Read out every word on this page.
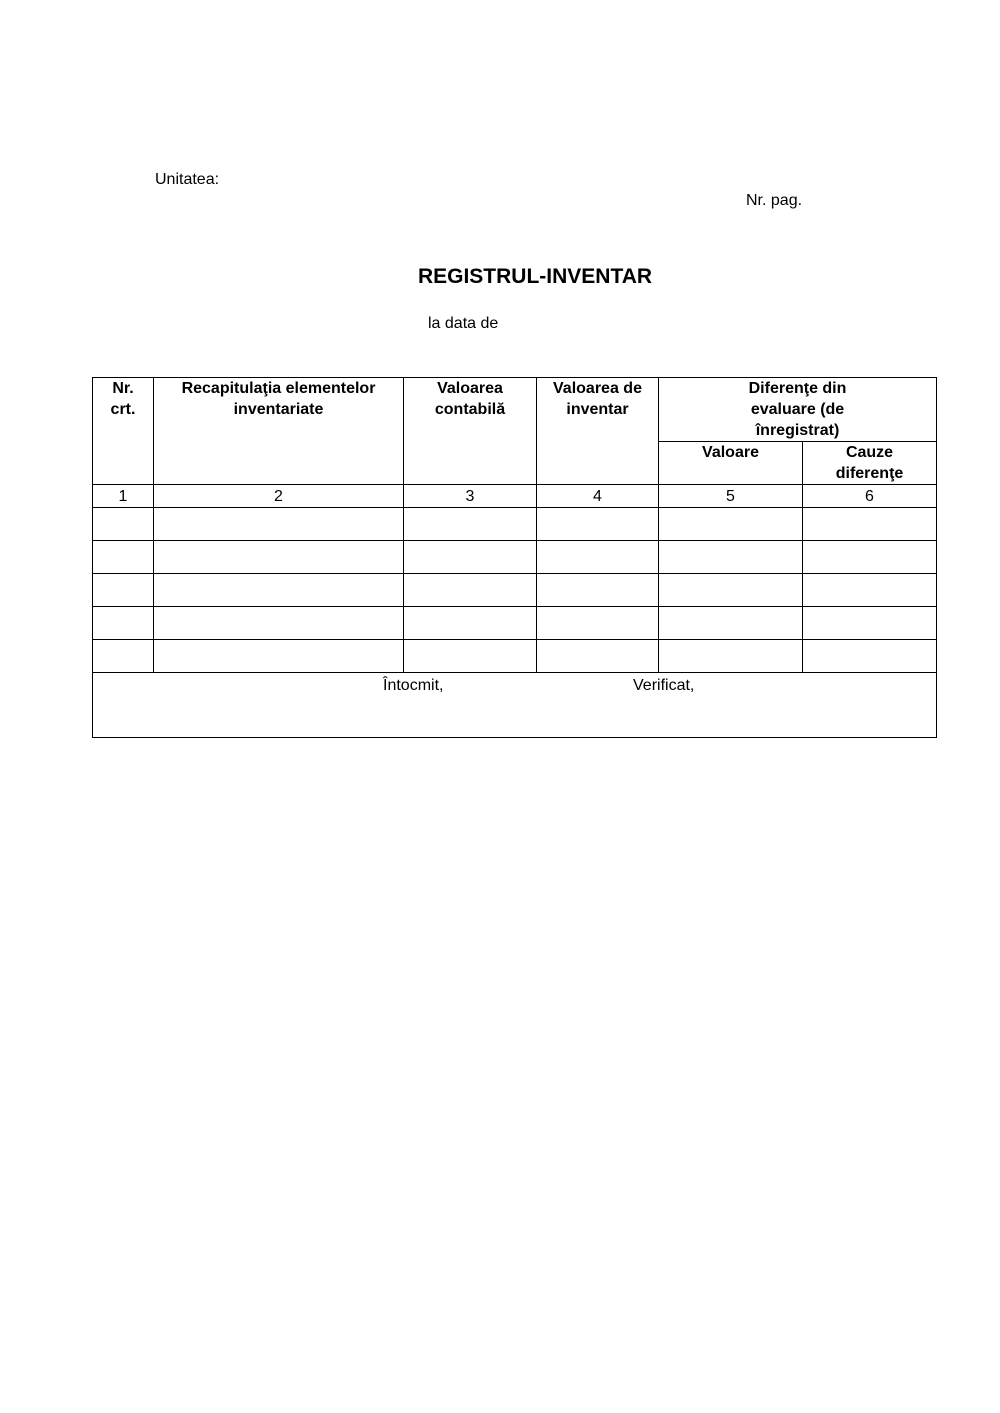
Unitatea:
Nr. pag.
REGISTRUL-INVENTAR
la data de
Nr. crt.	Recapitulaţia elementelor inventariate	Valoarea contabilă	Valoarea de inventar	Diferenţe din evaluare (de înregistrat)	
				Valoare	Cauze diferenţe
1	2	3	4	5	6

Întocmit, Verificat,					
